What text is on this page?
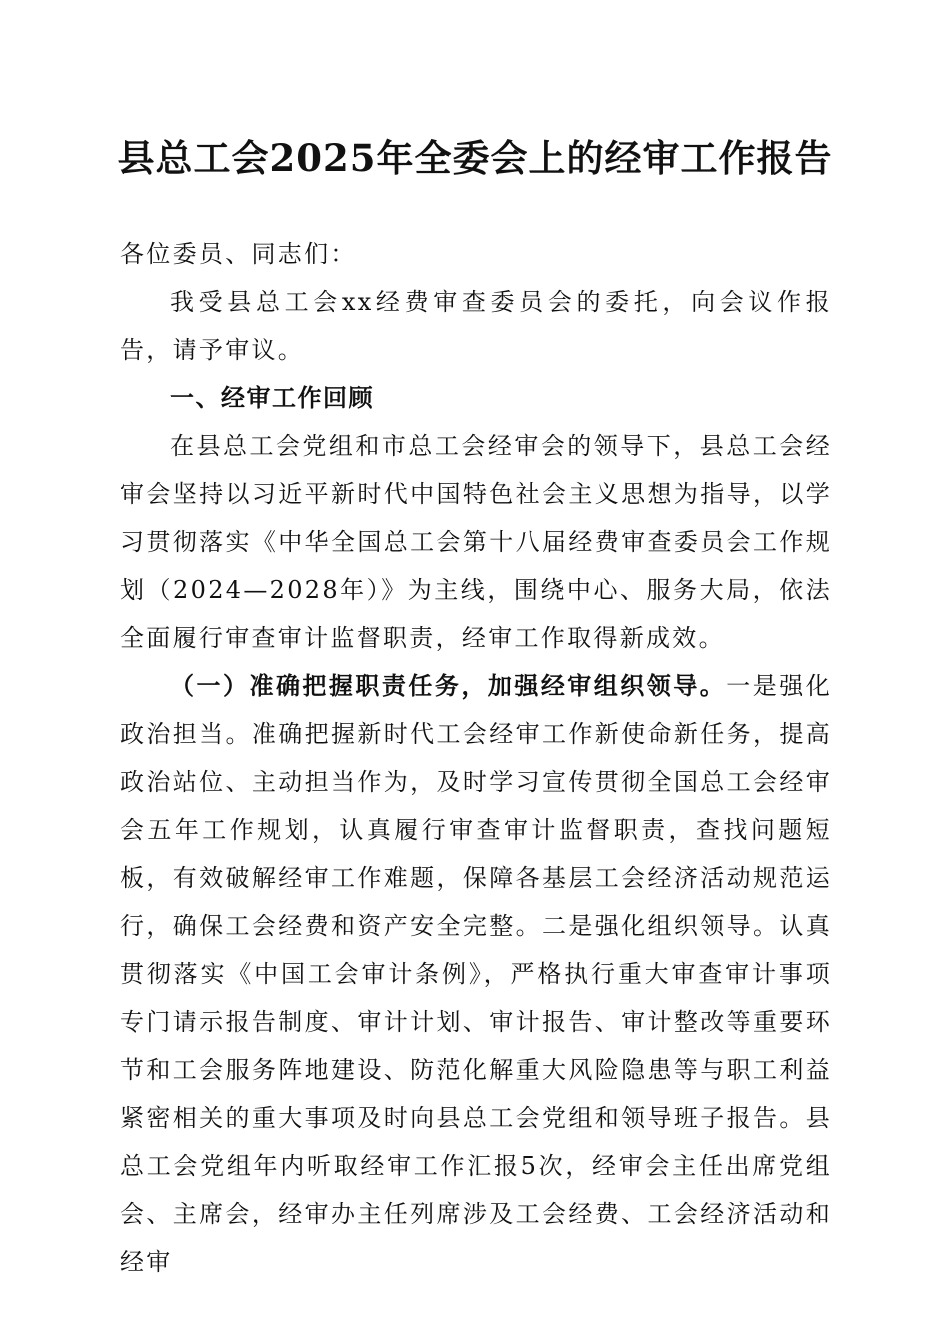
县总工会2025年全委会上的经审工作报告

各位委员、同志们：

我受县总工会xx经费审查委员会的委托，向会议作报告，请予审议。

一、经审工作回顾

在县总工会党组和市总工会经审会的领导下，县总工会经审会坚持以习近平新时代中国特色社会主义思想为指导，以学习贯彻落实《中华全国总工会第十八届经费审查委员会工作规划（2024—2028年）》为主线，围绕中心、服务大局，依法全面履行审查审计监督职责，经审工作取得新成效。

（一）准确把握职责任务，加强经审组织领导。一是强化政治担当。准确把握新时代工会经审工作新使命新任务，提高政治站位、主动担当作为，及时学习宣传贯彻全国总工会经审会五年工作规划，认真履行审查审计监督职责，查找问题短板，有效破解经审工作难题，保障各基层工会经济活动规范运行，确保工会经费和资产安全完整。二是强化组织领导。认真贯彻落实《中国工会审计条例》，严格执行重大审查审计事项专门请示报告制度、审计计划、审计报告、审计整改等重要环节和工会服务阵地建设、防范化解重大风险隐患等与职工利益紧密相关的重大事项及时向县总工会党组和领导班子报告。县总工会党组年内听取经审工作汇报5次，经审会主任出席党组会、主席会，经审办主任列席涉及工会经费、工会经济活动和经审
